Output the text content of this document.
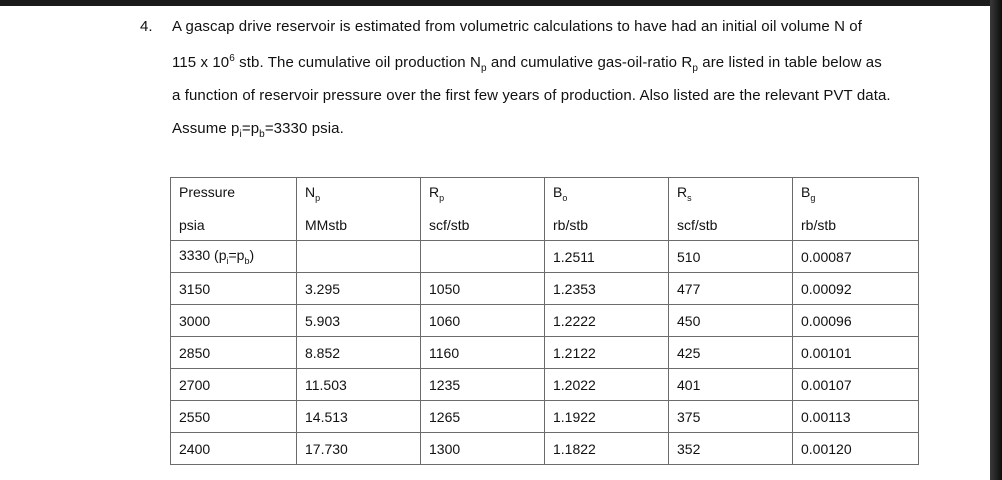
4. A gascap drive reservoir is estimated from volumetric calculations to have had an initial oil volume N of
115 x $10^6$ stb. The cumulative oil production $N_p$ and cumulative gas-oil-ratio $R_p$ are listed in table below as
a function of reservoir pressure over the first few years of production. Also listed are the relevant PVT data.
Assume $p_i=p_b=3330$ psia.
Pressure	$N_p$	$R_p$	$B_o$	$R_s$	$B_g$
psia	MMstb	scf/stb	rb/stb	scf/stb	rb/stb
3330 $(p_i=p_b)$			1.2511	510	0.00087
3150	3.295	1050	1.2353	477	0.00092
3000	5.903	1060	1.2222	450	0.00096
2850	8.852	1160	1.2122	425	0.00101
2700	11.503	1235	1.2022	401	0.00107
2550	14.513	1265	1.1922	375	0.00113
2400	17.730	1300	1.1822	352	0.00120
